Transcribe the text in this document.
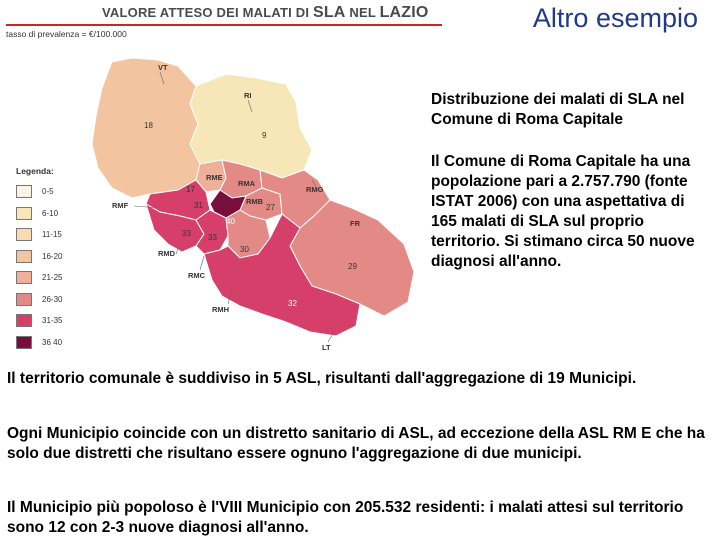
Altro esempio
VALORE ATTESO DEI MALATI DI SLA NEL LAZIO
tasso di prevalenza = €/100.000
18
9
17
25
31	27
30
33 33
40
29
32
VT
RI
RME
RMA
RMF	RMB
RMG
RMD
RMC
FR
RMH
LT
Legenda:
0-5
6-10
11-15
16-20
21-25
26-30
31-35
36 40
Distribuzione dei malati di SLA nel Comune di Roma Capitale
Il Comune di Roma Capitale ha una popolazione pari a 2.757.790 (fonte ISTAT 2006) con una aspettativa di 165 malati di SLA sul proprio territorio. Si stimano circa 50 nuove diagnosi all'anno.
Il territorio comunale è suddiviso in 5 ASL, risultanti dall'aggregazione di 19 Municipi.
Ogni Municipio coincide con un distretto sanitario di ASL, ad eccezione della ASL RM E che ha solo due distretti che risultano essere ognuno l'aggregazione di due municipi.
Il Municipio più popoloso è l'VIII Municipio con 205.532 residenti: i malati attesi sul territorio sono 12 con 2-3 nuove diagnosi all'anno.
